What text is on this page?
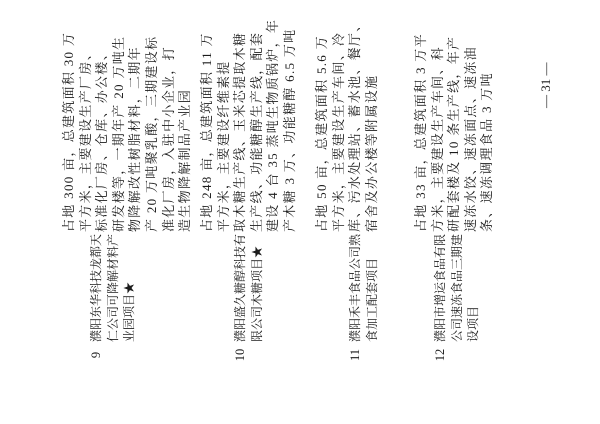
9
濮阳东华科技龙都天 仁公司可降解材料产 业园项目★
占地 300 亩，总建筑面积 30 万 平方米，主要建设生产厂房、 标准化厂房、仓库、办公楼、 研发楼等，一期年产 20 万吨生 物降解改性树脂材料，二期年 产 20 万吨聚乳酸，三期建设标 准化厂房，入驻中小企业，打 造生物降解制品产业园
10
濮阳盛久糖醇科技有 限公司木糖项目★
占地 248 亩，总建筑面积 11 万 平方米，主要建设纤维素提 取木糖生产线、玉米芯提取木糖 生产线、功能糖醇生产线，配套 建设 4 台 35 蒸吨生物质锅炉，年 产木糖 3 万、功能糖醇 6.5 万吨
11
濮阳禾丰食品公司熟 食加工配套项目
占地 50 亩，总建筑面积 5.6 万 平方米，主要建设生产车间、冷 库、污水处理站、蓄水池、餐厅、 宿舍及办公楼等附属设施
12
濮阳市增运食品有限 公司速冻食品三期建 设项目
占地 33 亩，总建筑面积 3 万平 方米，主要建设生产车间、科 研配套楼及 10 条生产线，年产 速冻水饺、速冻面点、速冻油 条、速冻调理食品 3 万吨	— 31 —
